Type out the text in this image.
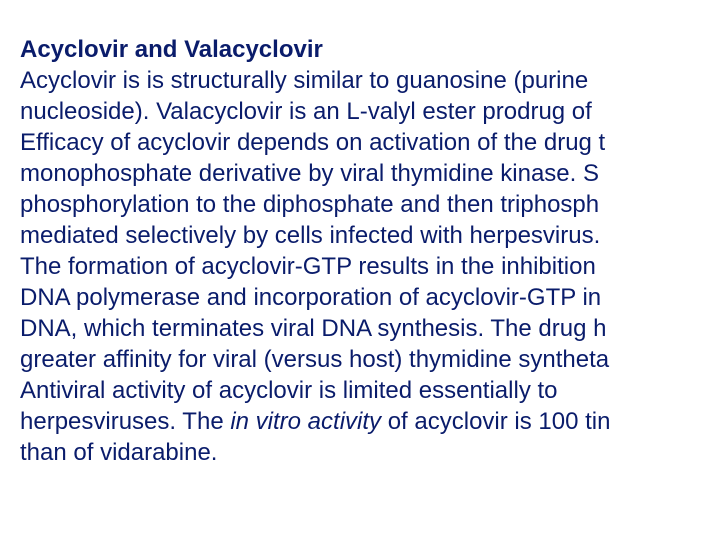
Acyclovir and Valacyclovir
Acyclovir is is structurally similar to guanosine (purine
nucleoside). Valacyclovir is an L-valyl ester prodrug of
Efficacy of acyclovir depends on activation of the drug t
monophosphate derivative by viral thymidine kinase. S
phosphorylation to the diphosphate and then triphosph
mediated selectively by cells infected with herpesvirus.
The formation of acyclovir-GTP results in the inhibition
DNA polymerase and incorporation of acyclovir-GTP in
DNA, which terminates viral DNA synthesis. The drug h
greater affinity for viral (versus host) thymidine syntheta
Antiviral activity of acyclovir is limited essentially to
herpesviruses. The in vitro activity of acyclovir is 100 tin
than of vidarabine.
